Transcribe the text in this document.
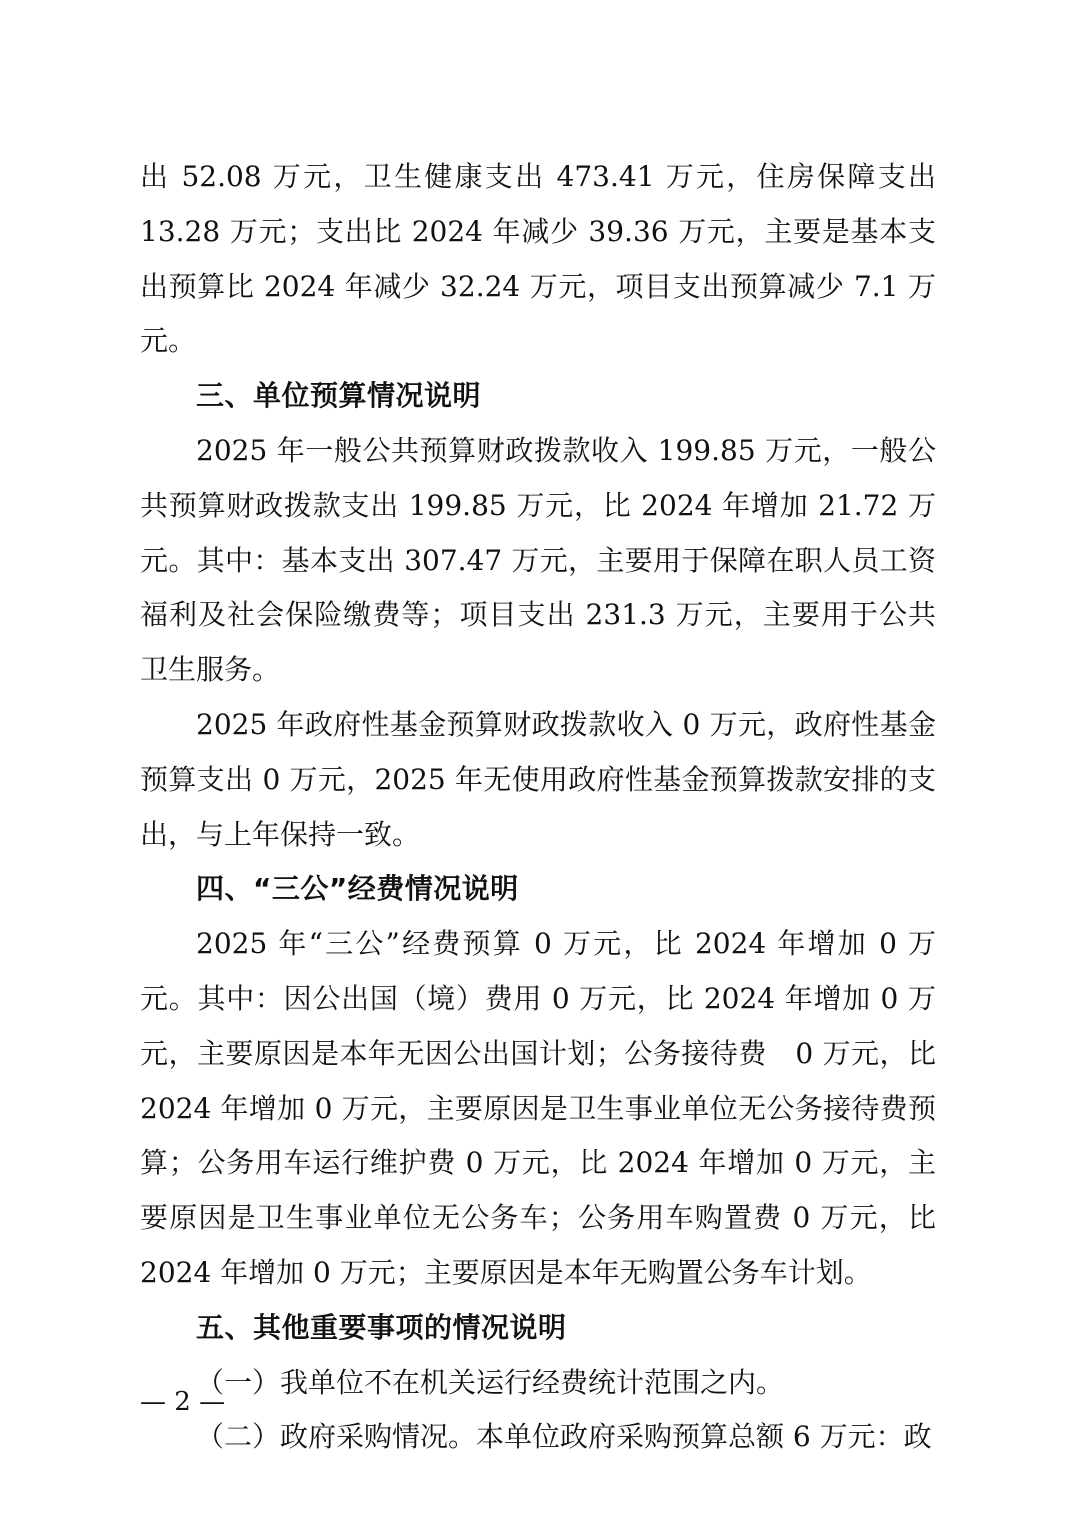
出 52.08 万元，卫生健康支出 473.41 万元，住房保障支出　13.28 万元；支出比 2024 年减少 39.36 万元，主要是基本支出预算比 2024 年减少 32.24 万元，项目支出预算减少 7.1 万元。

三、单位预算情况说明

2025 年一般公共预算财政拨款收入 199.85 万元，一般公共预算财政拨款支出 199.85 万元，比 2024 年增加 21.72 万元。其中：基本支出 307.47 万元，主要用于保障在职人员工资福利及社会保险缴费等；项目支出 231.3 万元，主要用于公共卫生服务。

2025 年政府性基金预算财政拨款收入 0 万元，政府性基金预算支出 0 万元，2025 年无使用政府性基金预算拨款安排的支出，与上年保持一致。

四、“三公”经费情况说明

2025 年“三公”经费预算 0 万元，比 2024 年增加 0 万元。其中：因公出国（境）费用 0 万元，比 2024 年增加 0 万元，主要原因是本年无因公出国计划；公务接待费　0 万元，比 2024 年增加 0 万元，主要原因是卫生事业单位无公务接待费预算；公务用车运行维护费 0 万元，比 2024 年增加 0 万元，主要原因是卫生事业单位无公务车；公务用车购置费 0 万元，比 2024 年增加 0 万元；主要原因是本年无购置公务车计划。

五、其他重要事项的情况说明

（一）我单位不在机关运行经费统计范围之内。

（二）政府采购情况。本单位政府采购预算总额 6 万元：政

— 2 —
